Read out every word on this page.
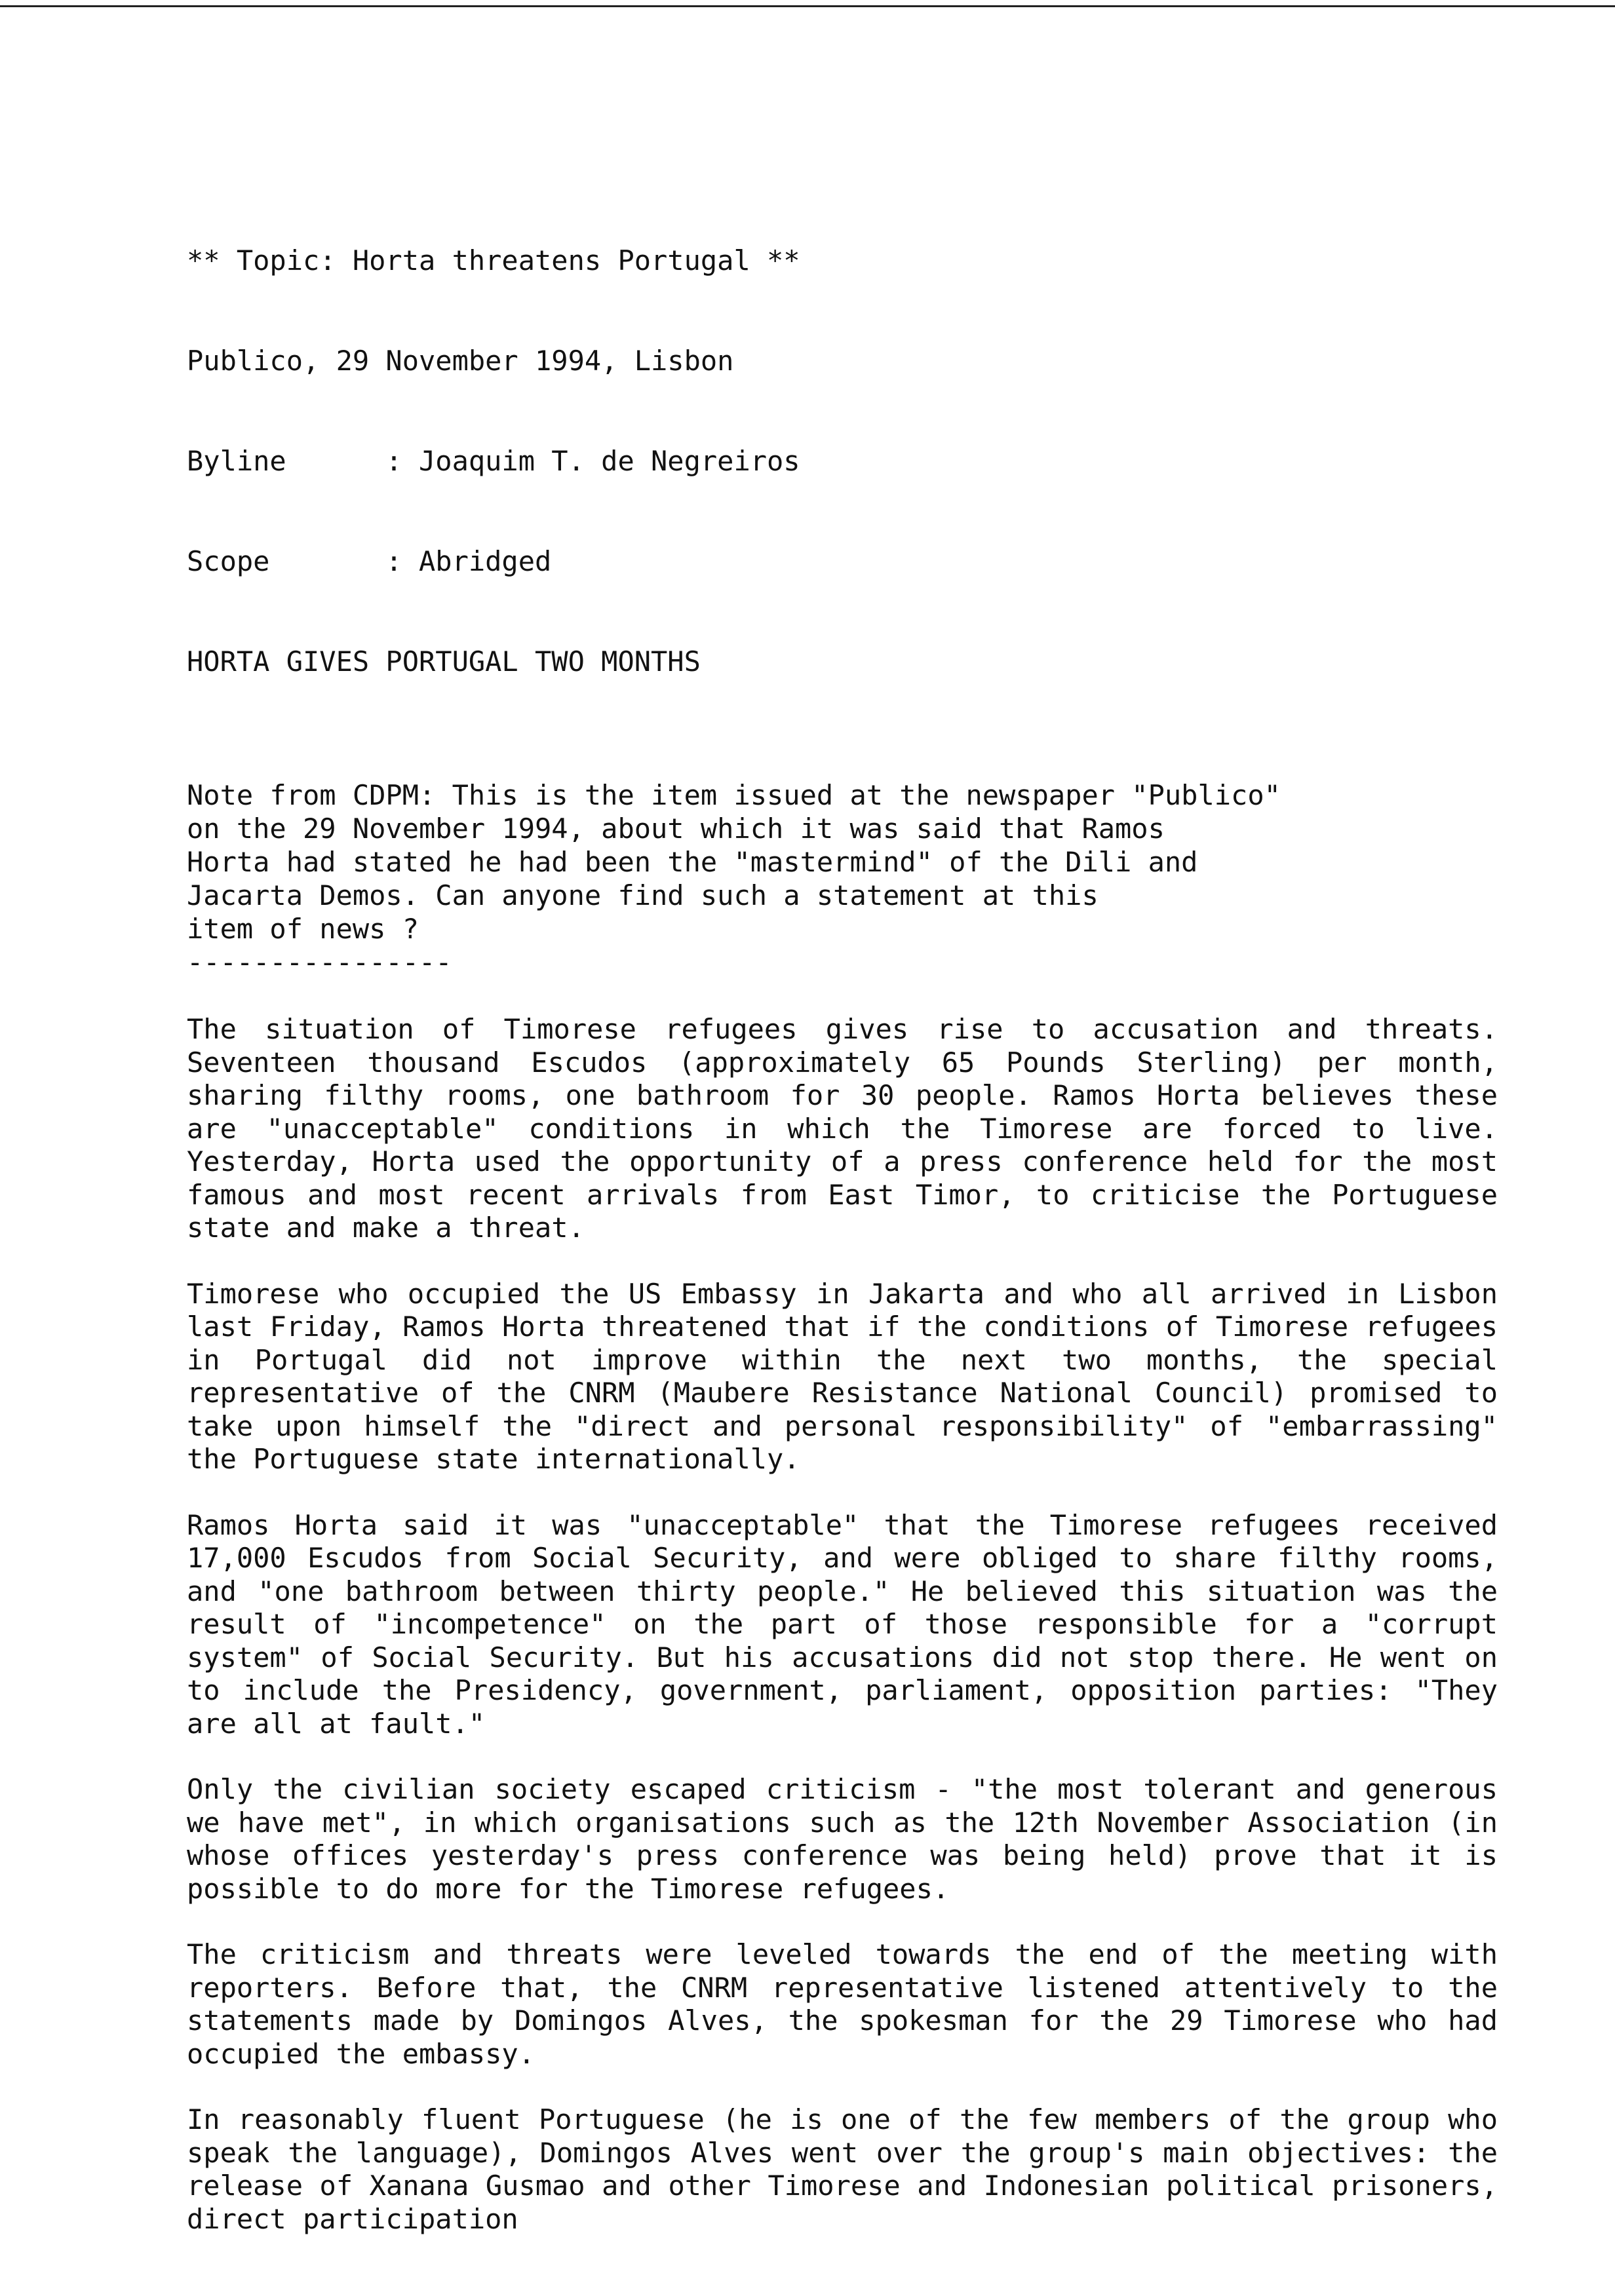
** Topic: Horta threatens Portugal **

Publico, 29 November 1994, Lisbon

Byline      : Joaquim T. de Negreiros

Scope       : Abridged

HORTA GIVES PORTUGAL TWO MONTHS

Note from CDPM: This is the item issued at the newspaper "Publico"
on the 29 November 1994, about which it was said that Ramos
Horta had stated he had been the "mastermind" of the Dili and
Jacarta Demos. Can anyone find such a statement at this
item of news ?
----------------

The situation of Timorese refugees gives rise to accusation and threats. Seventeen thousand Escudos (approximately 65 Pounds Sterling) per month, sharing filthy rooms, one bathroom for 30 people. Ramos Horta believes these are "unacceptable" conditions in which the Timorese are forced to live. Yesterday, Horta used the opportunity of a press conference held for the most famous and most recent arrivals from East Timor, to criticise the Portuguese state and make a threat.

Timorese who occupied the US Embassy in Jakarta and who all arrived in Lisbon last Friday, Ramos Horta threatened that if the conditions of Timorese refugees in Portugal did not improve within the next two months, the special representative of the CNRM (Maubere Resistance National Council) promised to take upon himself the "direct and personal responsibility" of "embarrassing" the Portuguese state internationally.

Ramos Horta said it was "unacceptable" that the Timorese refugees received 17,000 Escudos from Social Security, and were obliged to share filthy rooms, and "one bathroom between thirty people." He believed this situation was the result of "incompetence" on the part of those responsible for a "corrupt system" of Social Security. But his accusations did not stop there. He went on to include the Presidency, government, parliament, opposition parties: "They are all at fault."

Only the civilian society escaped criticism - "the most tolerant and generous we have met", in which organisations such as the 12th November Association (in whose offices yesterday's press conference was being held) prove that it is possible to do more for the Timorese refugees.

The criticism and threats were leveled towards the end of the meeting with reporters. Before that, the CNRM representative listened attentively to the statements made by Domingos Alves, the spokesman for the 29 Timorese who had occupied the embassy.

In reasonably fluent Portuguese (he is one of the few members of the group who speak the language), Domingos Alves went over the group's main objectives: the release of Xanana Gusmao and other Timorese and Indonesian political prisoners, direct participation
